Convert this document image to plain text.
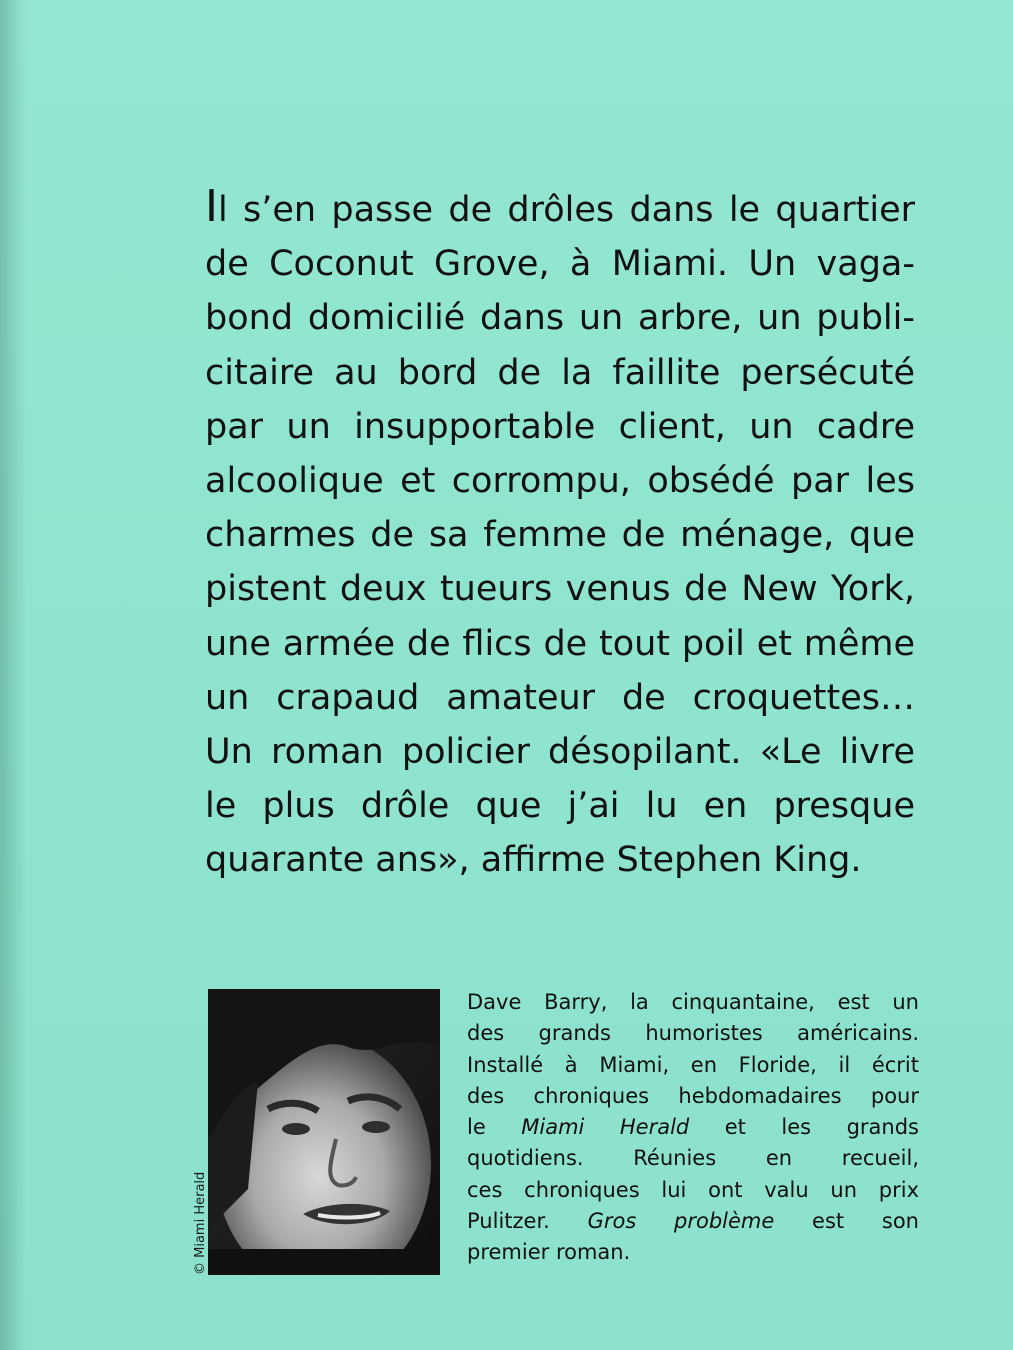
Il s’en passe de drôles dans le quartier
de Coconut Grove, à Miami. Un vaga-
bond domicilié dans un arbre, un publi-
citaire au bord de la faillite persécuté
par un insupportable client, un cadre
alcoolique et corrompu, obsédé par les
charmes de sa femme de ménage, que
pistent deux tueurs venus de New York,
une armée de flics de tout poil et même
un crapaud amateur de croquettes…
Un roman policier désopilant. «Le livre
le plus drôle que j’ai lu en presque
quarante ans», affirme Stephen King.
© Miami Herald
Dave Barry, la cinquantaine, est un
des grands humoristes américains.
Installé à Miami, en Floride, il écrit
des chroniques hebdomadaires pour
le Miami Herald et les grands
quotidiens. Réunies en recueil,
ces chroniques lui ont valu un prix
Pulitzer. Gros problème est son
premier roman.
